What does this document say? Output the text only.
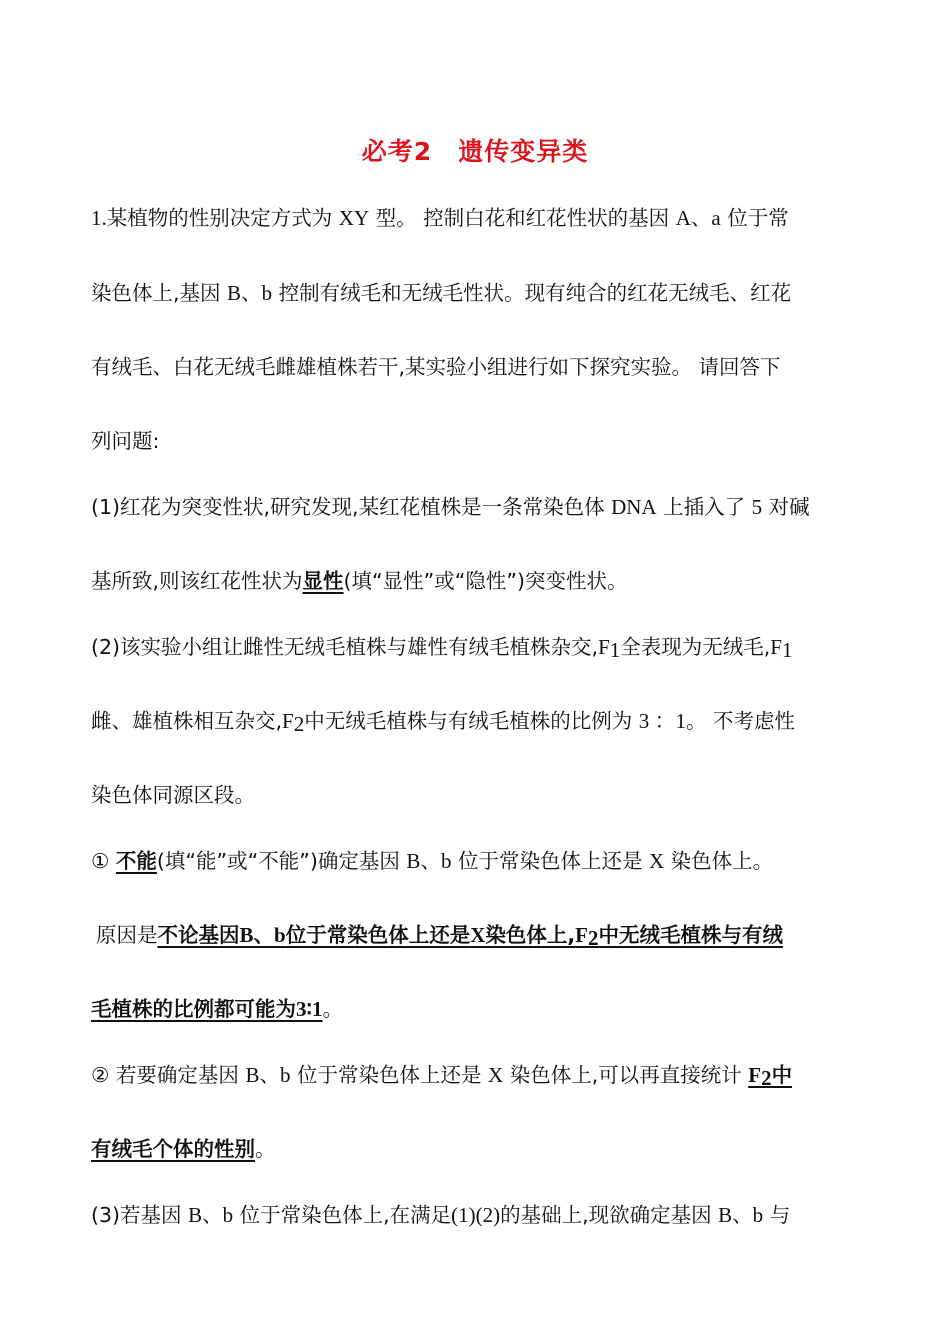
必考2　遗传变异类
1.某植物的性别决定方式为 XY 型。 控制白花和红花性状的基因 A、a 位于常
染色体上,基因 B、b 控制有绒毛和无绒毛性状。现有纯合的红花无绒毛、红花
有绒毛、白花无绒毛雌雄植株若干,某实验小组进行如下探究实验。 请回答下
列问题:
(1)红花为突变性状,研究发现,某红花植株是一条常染色体 DNA 上插入了 5 对碱
基所致,则该红花性状为显性(填“显性”或“隐性”)突变性状。
(2)该实验小组让雌性无绒毛植株与雄性有绒毛植株杂交$,F_1$全表现为无绒毛$,F_1$
雌、雄植株相互杂交$,F_2$中无绒毛植株与有绒毛植株的比例为 3 ：1。 不考虑性
染色体同源区段。
① 不能(填“能”或“不能”)确定基因 B、b 位于常染色体上还是 X 染色体上。
原因是不论基因B、b位于常染色体上还是X染色体上$,F_2$中无绒毛植株与有绒
毛植株的比例都可能为3∶1。
② 若要确定基因 B、b 位于常染色体上还是 X 染色体上,可以再直接统计 $F_2$中
有绒毛个体的性别。
(3)若基因 B、b 位于常染色体上,在满足(1)(2)的基础上,现欲确定基因 B、b 与
